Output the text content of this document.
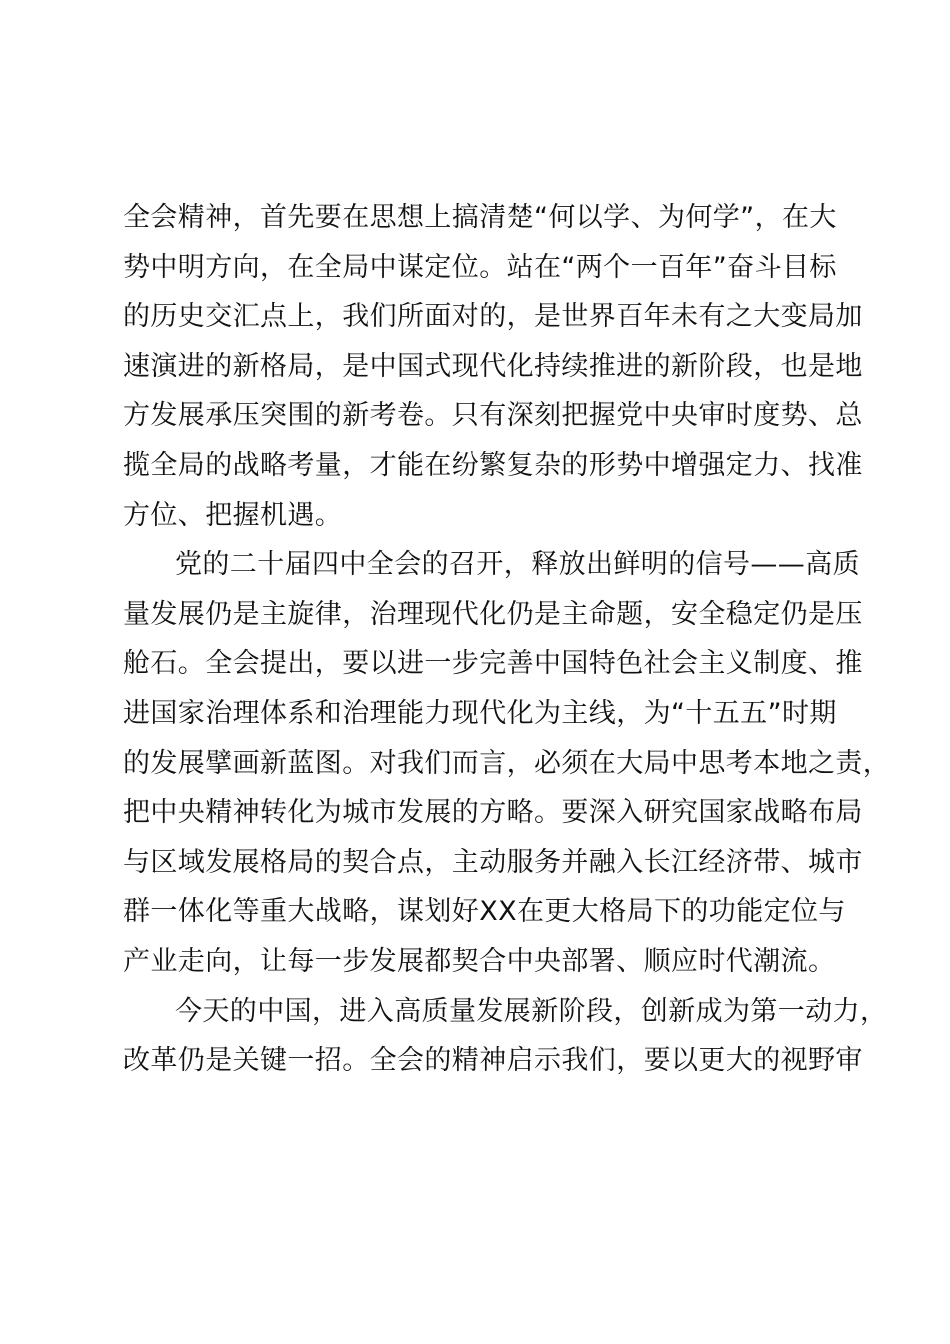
全会精神，首先要在思想上搞清楚“何以学、为何学”，在大
势中明方向，在全局中谋定位。站在“两个一百年”奋斗目标
的历史交汇点上，我们所面对的，是世界百年未有之大变局加
速演进的新格局，是中国式现代化持续推进的新阶段，也是地
方发展承压突围的新考卷。只有深刻把握党中央审时度势、总
揽全局的战略考量，才能在纷繁复杂的形势中增强定力、找准
方位、把握机遇。
党的二十届四中全会的召开，释放出鲜明的信号——高质
量发展仍是主旋律，治理现代化仍是主命题，安全稳定仍是压
舱石。全会提出，要以进一步完善中国特色社会主义制度、推
进国家治理体系和治理能力现代化为主线，为“十五五”时期
的发展擘画新蓝图。对我们而言，必须在大局中思考本地之责，
把中央精神转化为城市发展的方略。要深入研究国家战略布局
与区域发展格局的契合点，主动服务并融入长江经济带、城市
群一体化等重大战略，谋划好XX在更大格局下的功能定位与
产业走向，让每一步发展都契合中央部署、顺应时代潮流。
今天的中国，进入高质量发展新阶段，创新成为第一动力，
改革仍是关键一招。全会的精神启示我们，要以更大的视野审
